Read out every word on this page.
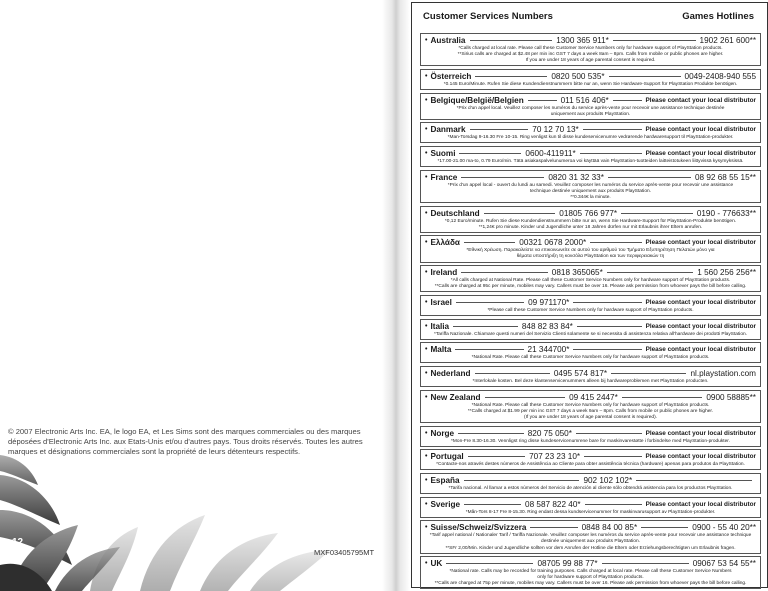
© 2007 Electronic Arts Inc. EA, le logo EA, et Les Sims sont des marques commerciales ou des marques déposées d'Electronic Arts Inc. aux Etats-Unis et/ou d'autres pays. Tous droits réservés. Toutes les autres marques et désignations commerciales sont la propriété de leurs détenteurs respectifs.
12
MXF03405795MT
Customer Services Numbers	Games Hotlines
• Australia	1300 365 911*	1902 261 600**
*Calls charged at local rate. Please call these Customer Service Numbers only for hardware support of PlayStation products.
**Sirius calls are charged at $2.48 per min inc GST 7 days a week 8am – 8pm. Calls from mobile or public phones are higher.
If you are under 18 years of age parental consent is required.
• Österreich	0820 500 535*	0049-2408-940 555
*0.145 Euro/Minute. Rufen Sie diese Kundendienstnummern bitte nur an, wenn Sie Hardware-Support für PlayStation Produkte benötigen.
• Belgique/België/Belgien	011 516 406*	Please contact your local distributor
*Prix d'un appel local. Veuillez composer les numéros du service après-vente pour recevoir une assistance technique destinée
uniquement aux produits PlayStation.
• Danmark	70 12 70 13*	Please contact your local distributor
*Man-Torsdag 9-16.30 Fre 10-15. Ring venligst kun til disse kundeservicenumre vedrørende hardwaresupport til PlayStation-produkter.
• Suomi	0600-411911*	Please contact your local distributor
*17.00-21.00 ma-to, 0.79 Euro/min. Tätä asiakaspalvelunumeroa voi käyttää vain PlayStation-tuotteiden laitteistotukeen liittyvissä kysymyksissä.
• France	0820 31 32 33*	08 92 68 55 15**
*Prix d'un appel local - ouvert du lundi au samedi. Veuillez composer les numéros du service après-vente pour recevoir une assistance
technique destinée uniquement aux produits PlayStation.
**0.344€ la minute.
• Deutschland	01805 766 977*	0190 - 776633**
*0,12 Euro/minute. Rufen Sie diese Kundendienstnummern bitte nur an, wenn Sie Hardware-Support für PlayStation-Produkte benötigen.
**1,24€ pro minute. Kinder und Jugendliche unter 18 Jahren dürfen nur mit Erlaubnis ihrer Eltern anrufen.
• Ελλάδα	00321 0678 2000*	Please contact your local distributor
*Εθνική Χρέωση. Παρακαλείστε να επικοινωνείτε σε αυτού του αριθμού του Τμήματο Εξυπηρέτηση Πελατών μόνο για
θέματα υποστήριξη τη κονσόλα PlayStation και των περιφερειακών τη
• Ireland	0818 365065*	1 560 256 256**
*All calls charged at National Rate. Please call these Customer Service Numbers only for hardware support of PlayStation products.
**Calls are charged at 95c per minute, mobiles may vary. Callers must be over 16. Please ask permission from whoever pays the bill before calling.
• Israel	09 971170*	Please contact your local distributor
*Please call these Customer Service Numbers only for hardware support of PlayStation products.
• Italia	848 82 83 84*	Please contact your local distributor
*Tariffa Nazionale. Chiamare questi numeri del Servizio Clienti solamente se si necessita di assistenza relativa all'hardware dei prodotti PlayStation.
• Malta	21 344700*	Please contact your local distributor
*National Rate. Please call these Customer Service Numbers only for hardware support of PlayStation products.
• Nederland	0495 574 817*	nl.playstation.com
*Interlokale kosten. Bel deze klantenservicenummers alleen bij hardwareproblemen met PlayStation producten.
• New Zealand	09 415 2447*	0900 58885**
*National Rate. Please call these Customer Service Numbers only for hardware support of PlayStation products.
**Calls charged at $1.99 per min inc GST 7 days a week 9am – 8pm. Calls from mobile or public phones are higher.
(If you are under 18 years of age parental consent is required).
• Norge	820 75 050*	Please contact your local distributor
*Mon-Fre 8.30-16.30. Vennligst ring disse kundeservicenumrene bare for maskinvarestøtte i forbindelse med PlayStation-produkter.
• Portugal	707 23 23 10*	Please contact your local distributor
*Contacte-nos através destes números de Assistência ao Cliente para obter assistência técnica (hardware) apenas para produtos da PlayStation.
• España	902 102 102*
*Tarifa nacional. Al llamar a estos números del Servicio de atención al cliente sólo obtendrá asistencia para los productos PlayStation.
• Sverige	08 587 822 40*	Please contact your local distributor
*Mån-Tors 8-17 Fre 8-15.30. Ring endast dessa kundservicenummer för maskinvarusupport av PlayStation-produkter.
• Suisse/Schweiz/Svizzera	0848 84 00 85*	0900 - 55 40 20**
*Tarif appel national / Nationaler Tarif / Tariffa Nazionale. Veuillez composer les numéros du service après-vente pour recevoir une assistance technique
destinée uniquement aux produits PlayStation.
**SFr 2,00/Min. Kinder und Jugendliche sollten vor dem Anrufen der Hotline die Eltern oder Erziehungsberechtigten um Erlaubnis fragen.
• UK	08705 99 88 77*	09067 53 54 55**
*National rate. Calls may be recorded for training purposes. Calls charged at local rate. Please call these Customer Service Numbers
only for hardware support of PlayStation products.
**Calls are charged at 75p per minute, mobiles may vary. Callers must be over 16. Please ask permission from whoever pays the bill before calling.
